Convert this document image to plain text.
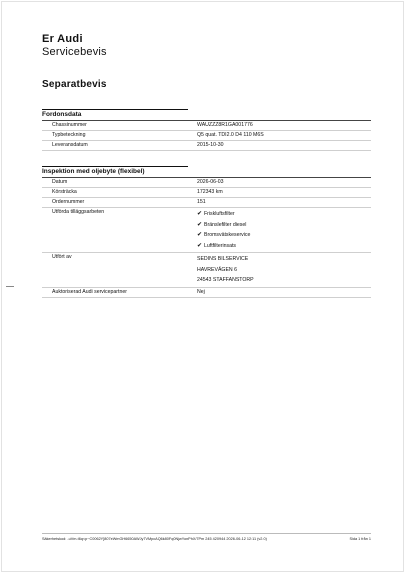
Er Audi
Servicebevis
Separatbevis
Fordonsdata
Chassinummer	WAUZZZ8R1GA001776
Typbeteckning	Q5 quat. TDI2.0 D4 110 M6S
Leveransdatum	2015-10-30
Inspektion med oljebyte (flexibel)
Datum	2026-06-03
Körsträcka	172343 km
Ordernummer	151
Utförda tilläggsarbeten	✔ Friskluftsfilter
✔ Bränslefilter diesel
✔ Bromsvätskeservice
✔ Luftfilterinsats
Utfört av	SEDINS BILSERVICE
HAVREVÄGEN 6
24543 STAFFANSTORP
Auktoriserad Audi servicepartner	Nej
Säkerhetskod: -uVm-t6q<p~C0062Y]807eWmGH6650AWJy7VMpcAQ6k80Fq0NjwYonPhX/7Pm 245 420944 2026-06-12 12:11 (v2.0)	Sida 1 från 1
